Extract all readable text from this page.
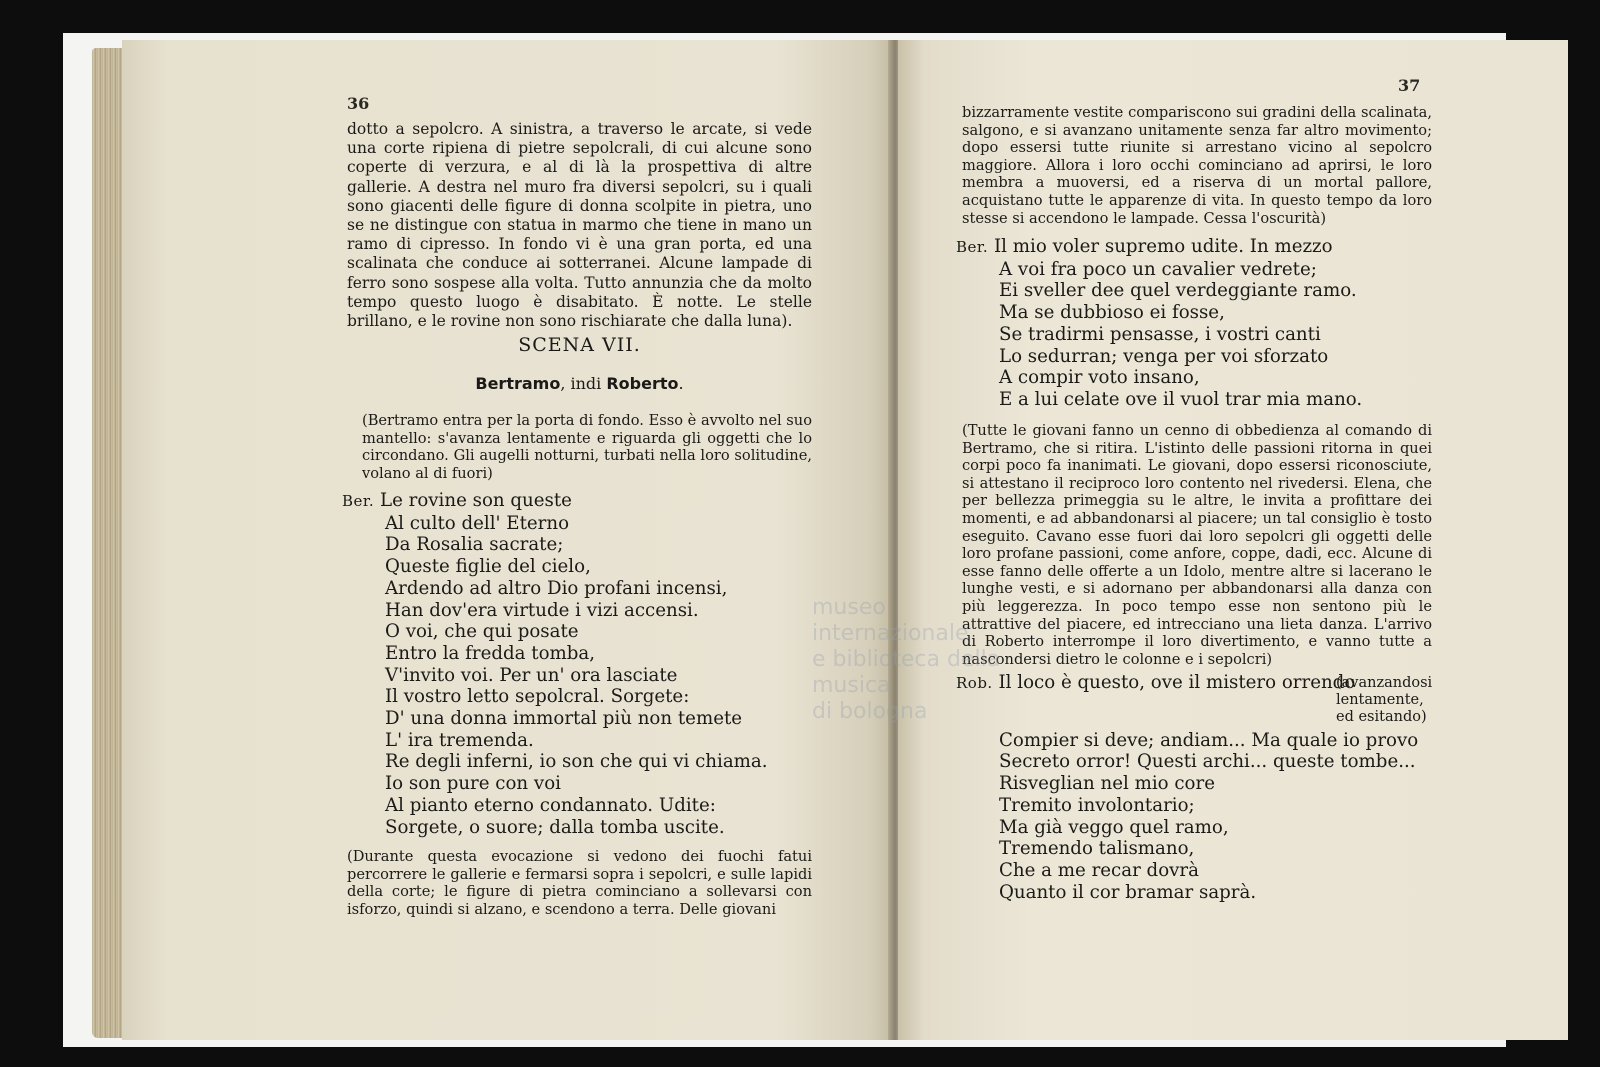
36

dotto a sepolcro. A sinistra, a traverso le arcate, si vede una corte ripiena di pietre sepolcrali, di cui alcune sono coperte di verzura, e al di là la prospettiva di altre gallerie. A destra nel muro fra diversi sepolcri, su i quali sono giacenti delle figure di donna scolpite in pietra, uno se ne distingue con statua in marmo che tiene in mano un ramo di cipresso. In fondo vi è una gran porta, ed una scalinata che conduce ai sotterranei. Alcune lampade di ferro sono sospese alla volta. Tutto annunzia che da molto tempo questo luogo è disabitato. È notte. Le stelle brillano, e le rovine non sono rischiarate che dalla luna).

SCENA VII.
Bertramo, indi Roberto.
(Bertramo entra per la porta di fondo. Esso è avvolto nel suo mantello: s'avanza lentamente e riguarda gli oggetti che lo circondano. Gli augelli notturni, turbati nella loro solitudine, volano al di fuori)
Ber. Le rovine son queste
Al culto dell' Eterno
Da Rosalia sacrate;
Queste figlie del cielo,
Ardendo ad altro Dio profani incensi,
Han dov'era virtude i vizi accensi.
O voi, che qui posate
Entro la fredda tomba,
V'invito voi. Per un' ora lasciate
Il vostro letto sepolcral. Sorgete:
D' una donna immortal più non temete
L' ira tremenda.
Re degli inferni, io son che qui vi chiama.
Io son pure con voi
Al pianto eterno condannato. Udite:
Sorgete, o suore; dalla tomba uscite.
(Durante questa evocazione si vedono dei fuochi fatui percorrere le gallerie e fermarsi sopra i sepolcri, e sulle lapidi della corte; le figure di pietra cominciano a sollevarsi con isforzo, quindi si alzano, e scendono a terra. Delle giovani
37
bizzarramente vestite compariscono sui gradini della scalinata, salgono, e si avanzano unitamente senza far altro movimento; dopo essersi tutte riunite si arrestano vicino al sepolcro maggiore. Allora i loro occhi cominciano ad aprirsi, le loro membra a muoversi, ed a riserva di un mortal pallore, acquistano tutte le apparenze di vita. In questo tempo da loro stesse si accendono le lampade. Cessa l'oscurità)
Ber. Il mio voler supremo udite. In mezzo
A voi fra poco un cavalier vedrete;
Ei sveller dee quel verdeggiante ramo.
Ma se dubbioso ei fosse,
Se tradirmi pensasse, i vostri canti
Lo sedurran; venga per voi sforzato
A compir voto insano,
E a lui celate ove il vuol trar mia mano.
(Tutte le giovani fanno un cenno di obbedienza al comando di Bertramo, che si ritira. L'istinto delle passioni ritorna in quei corpi poco fa inanimati. Le giovani, dopo essersi riconosciute, si attestano il reciproco loro contento nel rivedersi. Elena, che per bellezza primeggia su le altre, le invita a profittare dei momenti, e ad abbandonarsi al piacere; un tal consiglio è tosto eseguito. Cavano esse fuori dai loro sepolcri gli oggetti delle loro profane passioni, come anfore, coppe, dadi, ecc. Alcune di esse fanno delle offerte a un Idolo, mentre altre si lacerano le lunghe vesti, e si adornano per abbandonarsi alla danza con più leggerezza. In poco tempo esse non sentono più le attrattive del piacere, ed intrecciano una lieta danza. L'arrivo di Roberto interrompe il loro divertimento, e vanno tutte a nascondersi dietro le colonne e i sepolcri)
Rob. Il loco è questo, ove il mistero orrendo
(avanzandosi lentamente, ed esitando)
Compier si deve; andiam... Ma quale io provo
Secreto orror! Questi archi... queste tombe...
Risveglian nel mio core
Tremito involontario;
Ma già veggo quel ramo,
Tremendo talismano,
Che a me recar dovrà
Quanto il cor bramar saprà.
museo internazionale
e biblioteca della musica
di bologna
